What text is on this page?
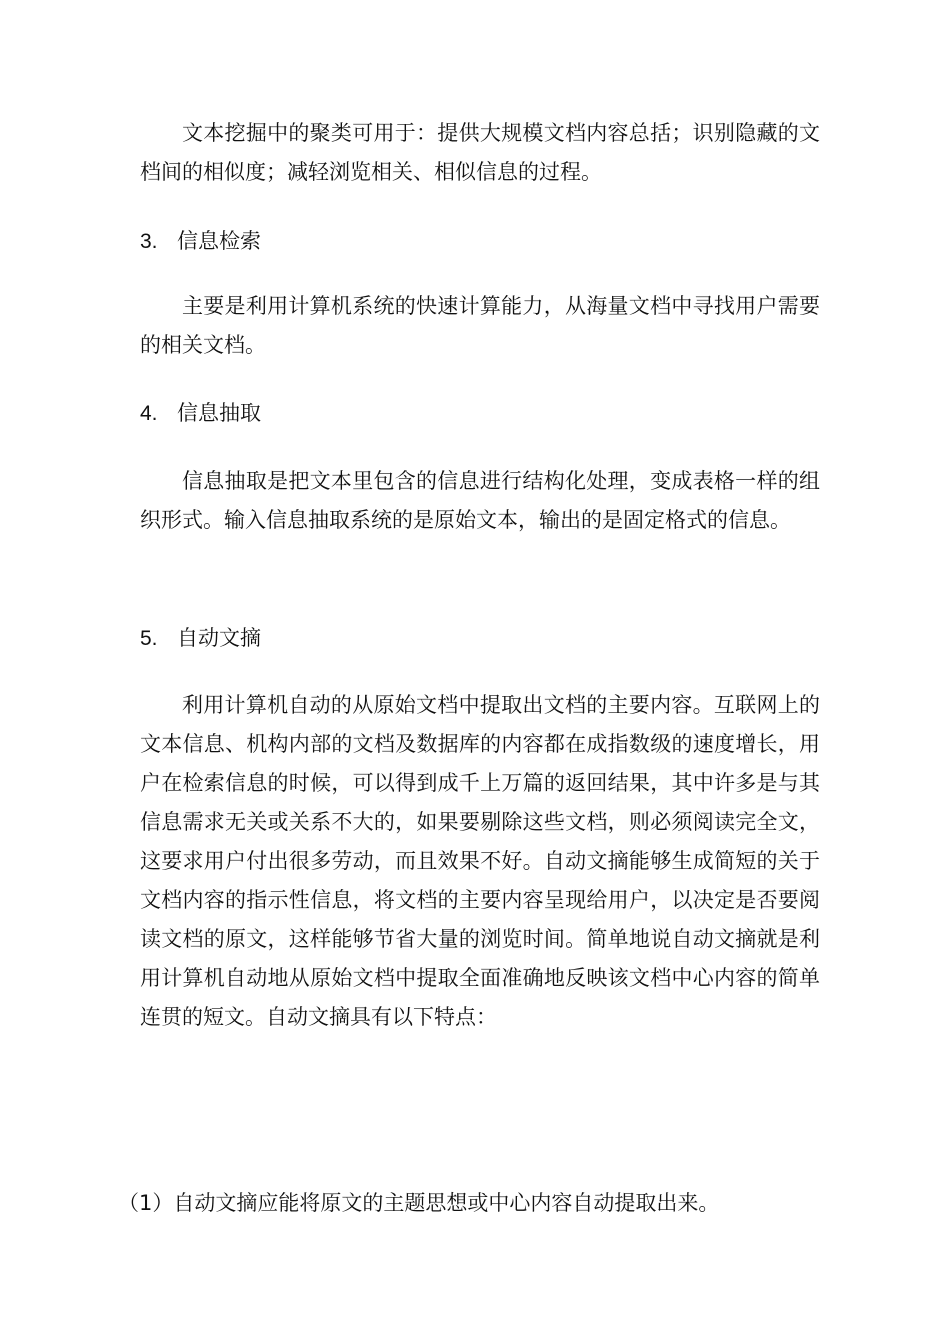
文本挖掘中的聚类可用于：提供大规模文档内容总括；识别隐藏的文档间的相似度；减轻浏览相关、相似信息的过程。

3. 信息检索

主要是利用计算机系统的快速计算能力，从海量文档中寻找用户需要的相关文档。

4. 信息抽取

信息抽取是把文本里包含的信息进行结构化处理，变成表格一样的组织形式。输入信息抽取系统的是原始文本，输出的是固定格式的信息。

5. 自动文摘

利用计算机自动的从原始文档中提取出文档的主要内容。互联网上的文本信息、机构内部的文档及数据库的内容都在成指数级的速度增长，用户在检索信息的时候，可以得到成千上万篇的返回结果，其中许多是与其信息需求无关或关系不大的，如果要剔除这些文档，则必须阅读完全文，这要求用户付出很多劳动，而且效果不好。自动文摘能够生成简短的关于文档内容的指示性信息，将文档的主要内容呈现给用户，以决定是否要阅读文档的原文，这样能够节省大量的浏览时间。简单地说自动文摘就是利用计算机自动地从原始文档中提取全面准确地反映该文档中心内容的简单连贯的短文。自动文摘具有以下特点：

（1）自动文摘应能将原文的主题思想或中心内容自动提取出来。
